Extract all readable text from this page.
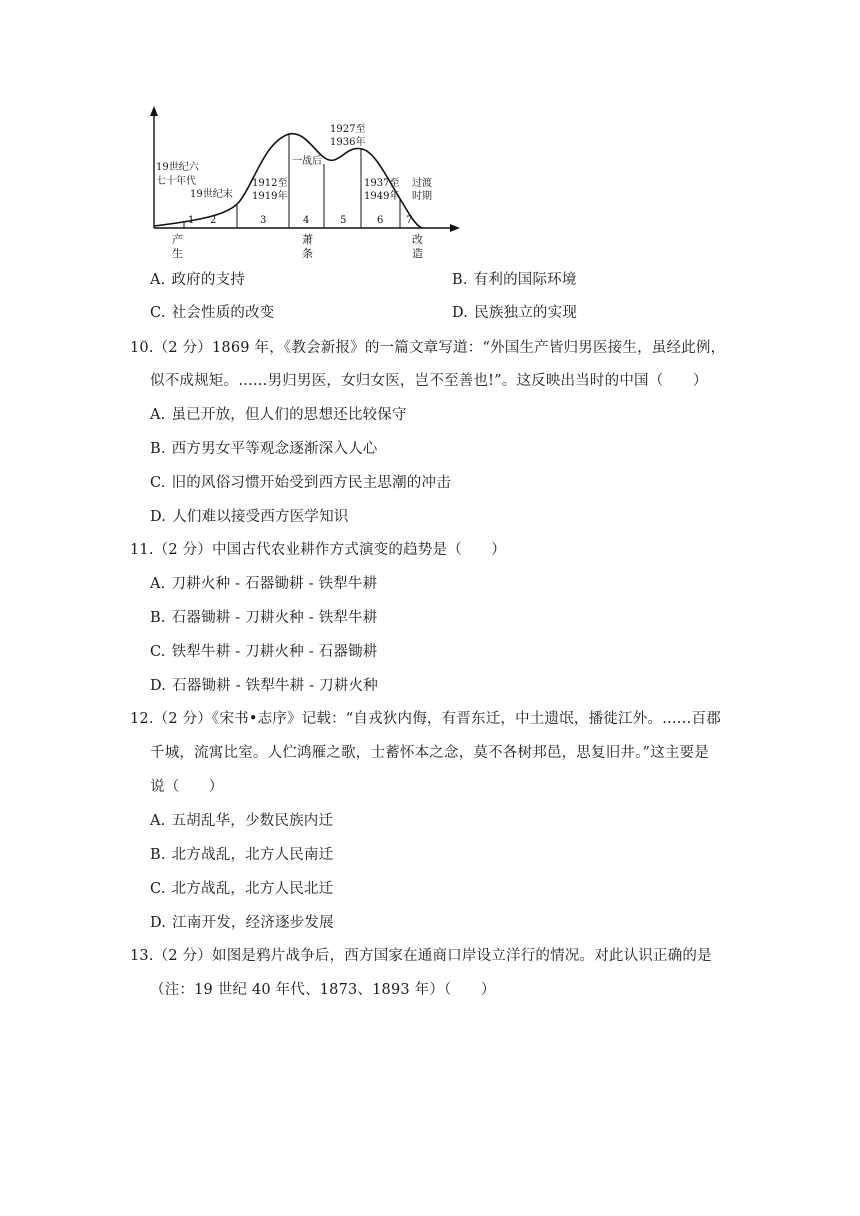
1 2	3	4	5	6 7
19世纪六
七十年代
19世纪末
1912至
1919年
一战后
1927至
1936年
1937至
1949年
过渡
时期
产
生
萧
条
改
造
A. 政府的支持	B. 有利的国际环境
C. 社会性质的改变	D. 民族独立的实现
10.（2 分）1869 年，《教会新报》的一篇文章写道：“外国生产皆归男医接生，虽经此例，
似不成规矩。……男归男医，女归女医，岂不至善也!”。这反映出当时的中国（　　）
A. 虽已开放，但人们的思想还比较保守
B. 西方男女平等观念逐渐深入人心
C. 旧的风俗习惯开始受到西方民主思潮的冲击
D. 人们难以接受西方医学知识
11.（2 分）中国古代农业耕作方式演变的趋势是（　　）
A. 刀耕火种 - 石器锄耕 - 铁犁牛耕
B. 石器锄耕 - 刀耕火种 - 铁犁牛耕
C. 铁犁牛耕 - 刀耕火种 - 石器锄耕
D. 石器锄耕 - 铁犁牛耕 - 刀耕火种
12.（2 分）《宋书•志序》记载：“自戎狄内侮，有晋东迁，中土遗氓，播徙江外。……百郡
千城，流寓比室。人伫鸿雁之歌，士蓄怀本之念，莫不各树邦邑，思复旧井。”这主要是
说（　　）
A. 五胡乱华，少数民族内迁
B. 北方战乱，北方人民南迁
C. 北方战乱，北方人民北迁
D. 江南开发，经济逐步发展
13.（2 分）如图是鸦片战争后，西方国家在通商口岸设立洋行的情况。对此认识正确的是
（注：19 世纪 40 年代、1873、1893 年）（　　）
